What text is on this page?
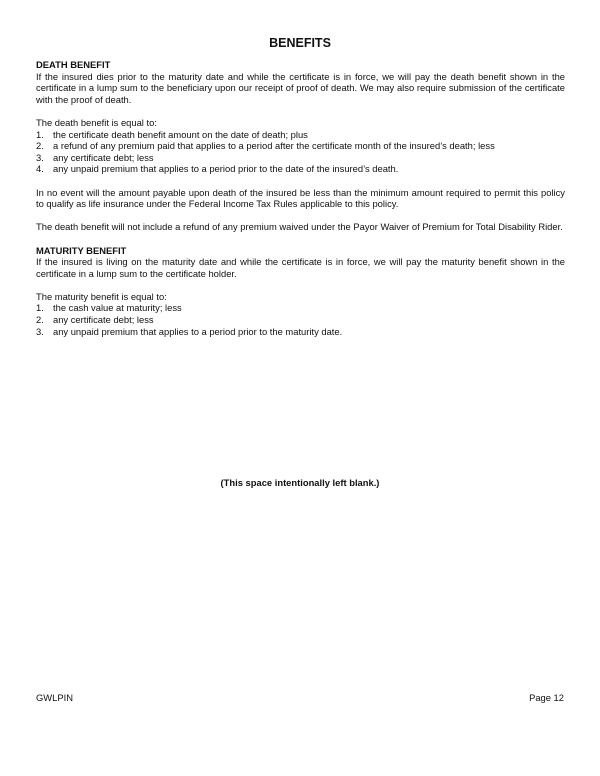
BENEFITS

DEATH BENEFIT

If the insured dies prior to the maturity date and while the certificate is in force, we will pay the death benefit shown in the certificate in a lump sum to the beneficiary upon our receipt of proof of death. We may also require submission of the certificate with the proof of death.

The death benefit is equal to:

1. the certificate death benefit amount on the date of death; plus
2. a refund of any premium paid that applies to a period after the certificate month of the insured’s death; less
3. any certificate debt; less
4. any unpaid premium that applies to a period prior to the date of the insured’s death.

In no event will the amount payable upon death of the insured be less than the minimum amount required to permit this policy to qualify as life insurance under the Federal Income Tax Rules applicable to this policy.

The death benefit will not include a refund of any premium waived under the Payor Waiver of Premium for Total Disability Rider.

MATURITY BENEFIT

If the insured is living on the maturity date and while the certificate is in force, we will pay the maturity benefit shown in the certificate in a lump sum to the certificate holder.

The maturity benefit is equal to:

1. the cash value at maturity; less
2. any certificate debt; less
3. any unpaid premium that applies to a period prior to the maturity date.
(This space intentionally left blank.)
GWLPIN	Page 12
